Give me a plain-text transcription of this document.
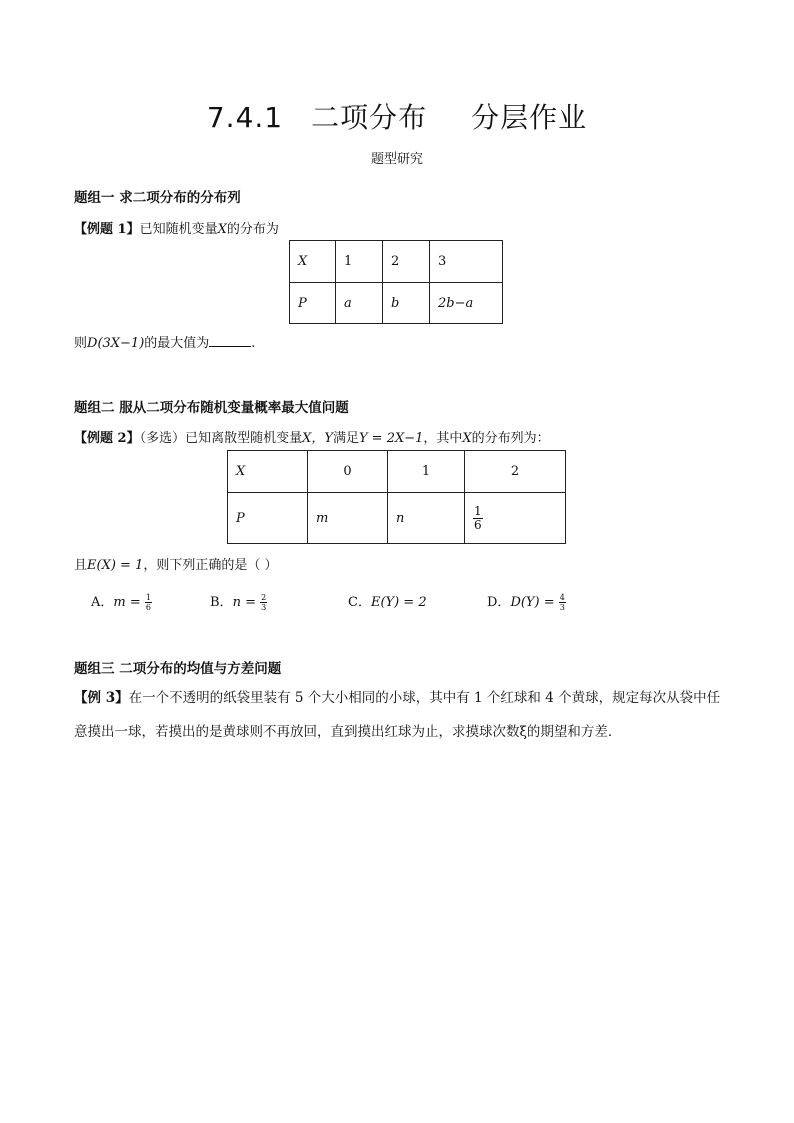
7.4.1 二项分布 分层作业
题型研究
题组一 求二项分布的分布列
【例题 1】已知随机变量X的分布为
X	1	2	3
P	a	b	2b−a
则D(3X−1)的最大值为	.
题组二 服从二项分布随机变量概率最大值问题
【例题 2】（多选）已知离散型随机变量X，Y满足Y = 2X−1，其中X的分布列为：
X	0	1	2
P	m	n	$\frac{1}{6}$
且E(X) = 1，则下列正确的是（ ）
A．$m = \frac{1}{6}$	B．$n = \frac{2}{3}$	C．E(Y) = 2	D．$D(Y) = \frac{4}{3}$
题组三 二项分布的均值与方差问题
【例 3】在一个不透明的纸袋里装有 5 个大小相同的小球，其中有 1 个红球和 4 个黄球，规定每次从袋中任意摸出一球，若摸出的是黄球则不再放回，直到摸出红球为止，求摸球次数ξ的期望和方差．
